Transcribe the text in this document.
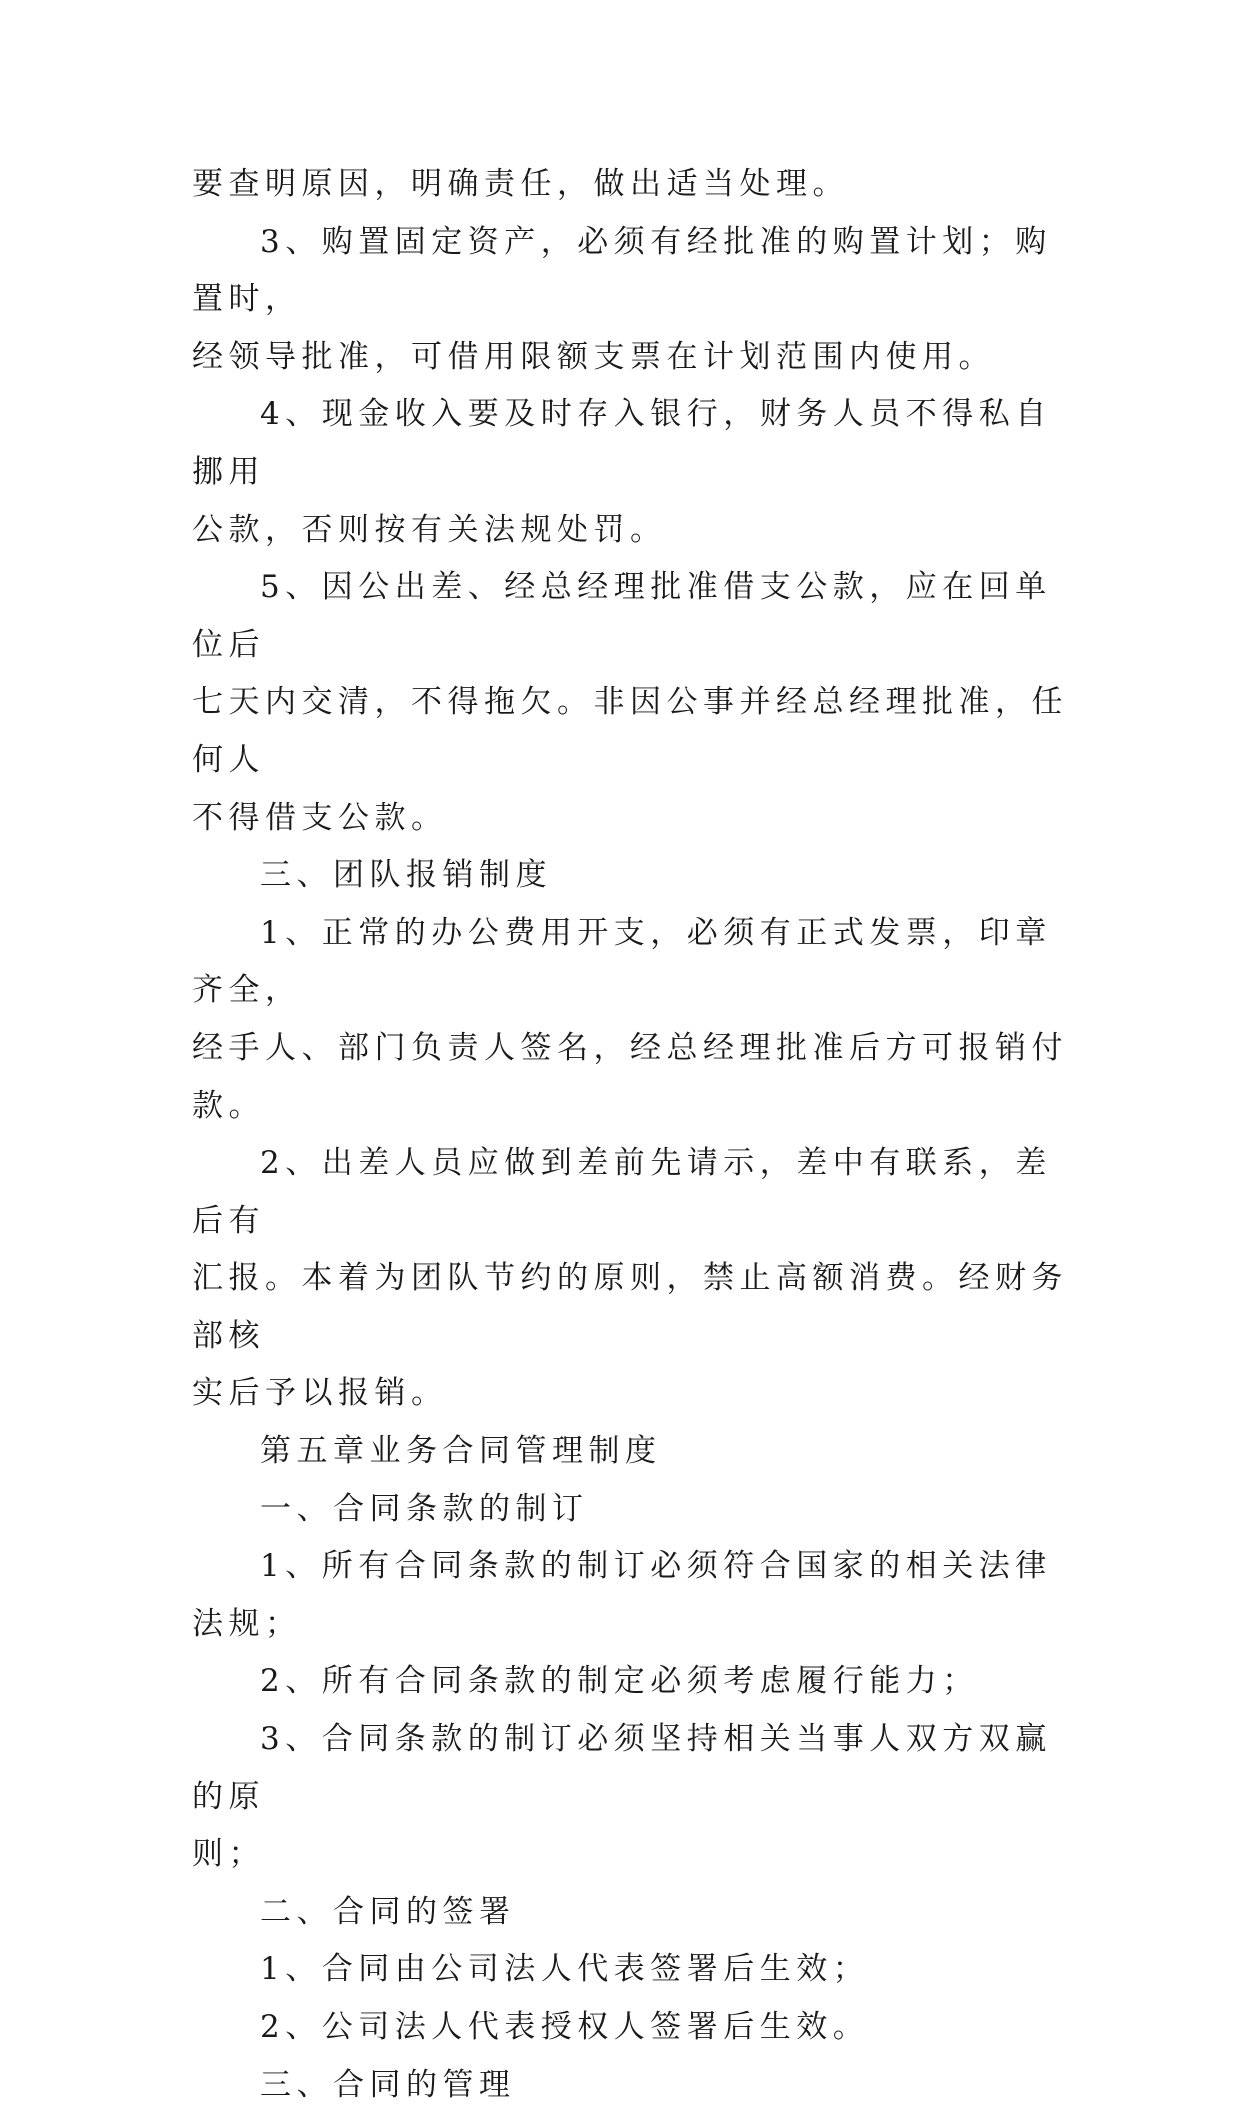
要查明原因，明确责任，做出适当处理。

3、购置固定资产，必须有经批准的购置计划；购置时，
经领导批准，可借用限额支票在计划范围内使用。

4、现金收入要及时存入银行，财务人员不得私自挪用
公款，否则按有关法规处罚。

5、因公出差、经总经理批准借支公款，应在回单位后
七天内交清，不得拖欠。非因公事并经总经理批准，任何人
不得借支公款。

三、团队报销制度

1、正常的办公费用开支，必须有正式发票，印章齐全，
经手人、部门负责人签名，经总经理批准后方可报销付款。

2、出差人员应做到差前先请示，差中有联系，差后有
汇报。本着为团队节约的原则，禁止高额消费。经财务部核
实后予以报销。

第五章业务合同管理制度

一、合同条款的制订

1、所有合同条款的制订必须符合国家的相关法律法规；

2、所有合同条款的制定必须考虑履行能力；

3、合同条款的制订必须坚持相关当事人双方双赢的原
则；

二、合同的签署

1、合同由公司法人代表签署后生效；

2、公司法人代表授权人签署后生效。

三、合同的管理
